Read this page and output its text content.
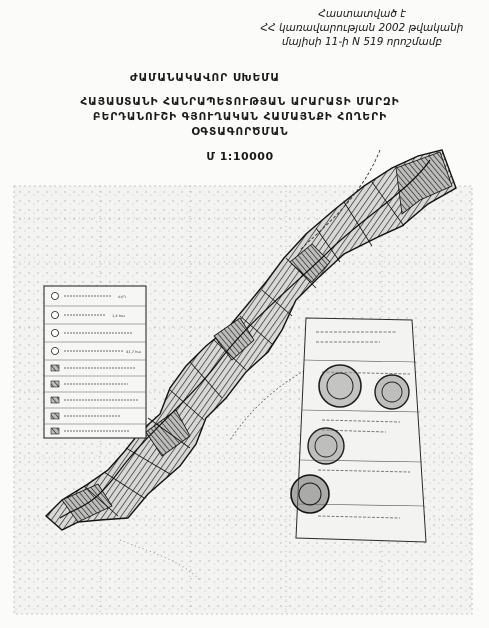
Հաստատված է
ՀՀ կառավարության 2002 թվականի
մայիսի 11-ի N 519 որոշմամբ
ԺԱՄԱՆԱԿԱՎՈՐ ՍԽԵՄԱ
ՀԱՅԱՍՏԱՆԻ ՀԱՆՐԱՊԵՏՈՒԹՅԱՆ ԱՐԱՐԱՏԻ ՄԱՐԶԻ
ԲԵՐԴԱՆՈՒՇԻ ԳՅՈՒՂԱԿԱՆ ՀԱՄԱՅՆՔԻ ՀՈՂԵՐԻ
ՕԳՏԱԳՈՐԾՄԱՆ
Մ 1:10000
ՀՀԴ
1,4 հա
41,7 հա
